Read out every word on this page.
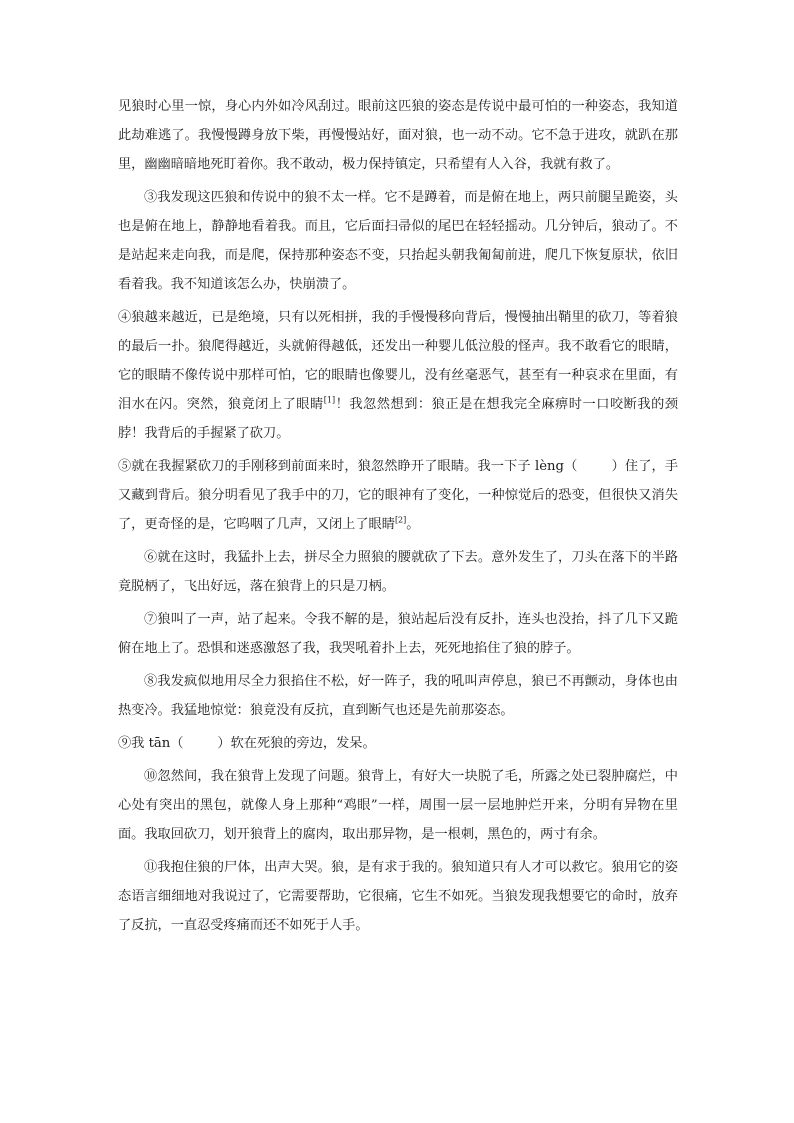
见狼时心里一惊，身心内外如冷风刮过。眼前这匹狼的姿态是传说中最可怕的一种姿态，我知道此劫难逃了。我慢慢蹲身放下柴，再慢慢站好，面对狼，也一动不动。它不急于进攻，就趴在那里，幽幽暗暗地死盯着你。我不敢动，极力保持镇定，只希望有人入谷，我就有救了。

③我发现这匹狼和传说中的狼不太一样。它不是蹲着，而是俯在地上，两只前腿呈跪姿，头也是俯在地上，静静地看着我。而且，它后面扫帚似的尾巴在轻轻摇动。几分钟后，狼动了。不是站起来走向我，而是爬，保持那种姿态不变，只抬起头朝我匍匐前进，爬几下恢复原状，依旧看着我。我不知道该怎么办，快崩溃了。

④狼越来越近，已是绝境，只有以死相拼，我的手慢慢移向背后，慢慢抽出鞘里的砍刀，等着狼的最后一扑。狼爬得越近，头就俯得越低，还发出一种婴儿低泣般的怪声。我不敢看它的眼睛，它的眼睛不像传说中那样可怕，它的眼睛也像婴儿，没有丝毫恶气，甚至有一种哀求在里面，有泪水在闪。突然，狼竟闭上了眼睛[1]！我忽然想到：狼正是在想我完全麻痹时一口咬断我的颈脖！我背后的手握紧了砍刀。

⑤就在我握紧砍刀的手刚移到前面来时，狼忽然睁开了眼睛。我一下子 lèng（	）住了，手又藏到背后。狼分明看见了我手中的刀，它的眼神有了变化，一种惊觉后的恐变，但很快又消失了，更奇怪的是，它呜咽了几声，又闭上了眼睛[2]。

⑥就在这时，我猛扑上去，拼尽全力照狼的腰就砍了下去。意外发生了，刀头在落下的半路竟脱柄了，飞出好远，落在狼背上的只是刀柄。

⑦狼叫了一声，站了起来。令我不解的是，狼站起后没有反扑，连头也没抬，抖了几下又跪俯在地上了。恐惧和迷惑激怒了我，我哭吼着扑上去，死死地掐住了狼的脖子。

⑧我发疯似地用尽全力狠掐住不松，好一阵子，我的吼叫声停息，狼已不再颤动，身体也由热变冷。我猛地惊觉：狼竟没有反抗，直到断气也还是先前那姿态。

⑨我 tān（	）软在死狼的旁边，发呆。

⑩忽然间，我在狼背上发现了问题。狼背上，有好大一块脱了毛，所露之处已裂肿腐烂，中心处有突出的黑包，就像人身上那种“鸡眼”一样，周围一层一层地肿烂开来，分明有异物在里面。我取回砍刀，划开狼背上的腐肉，取出那异物，是一根刺，黑色的，两寸有余。

⑪我抱住狼的尸体，出声大哭。狼，是有求于我的。狼知道只有人才可以救它。狼用它的姿态语言细细地对我说过了，它需要帮助，它很痛，它生不如死。当狼发现我想要它的命时，放弃了反抗，一直忍受疼痛而还不如死于人手。
